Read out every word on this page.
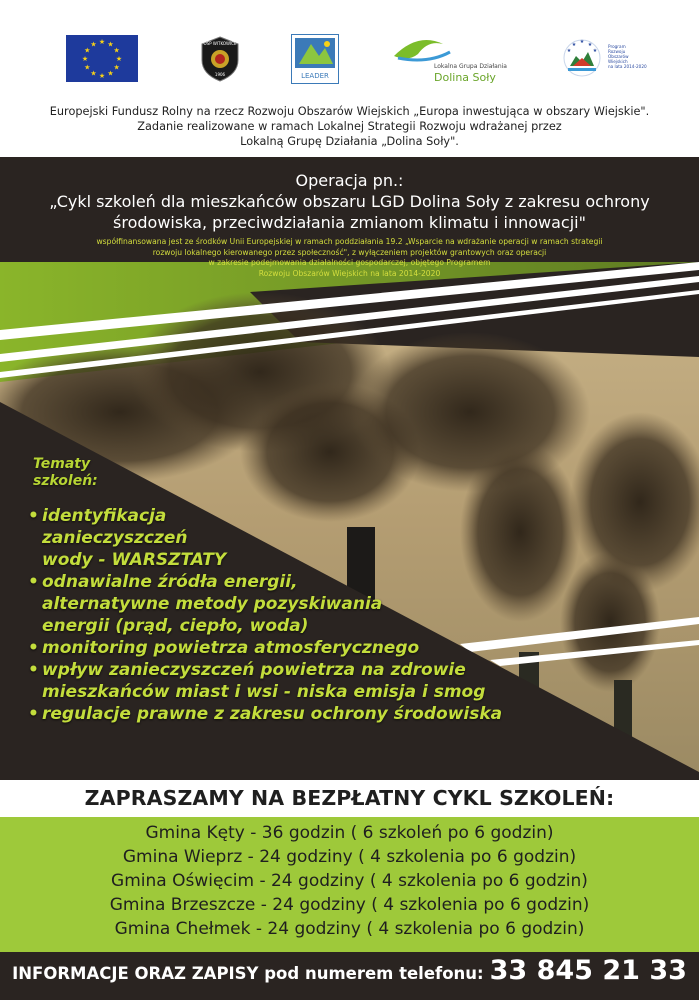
★ ★
★
★
★
★
★
★
★
★
★
★	OSP WITKOWICE
1906	LEADER
Lokalna Grupa Działania
Dolina Soły
★ ★
★
★
★
Program
Rozwoju
Obszarów
Wiejskich
na lata 2014-2020
Europejski Fundusz Rolny na rzecz Rozwoju Obszarów Wiejskich „Europa inwestująca w obszary Wiejskie".
Zadanie realizowane w ramach Lokalnej Strategii Rozwoju wdrażanej przez
Lokalną Grupę Działania „Dolina Soły".
Operacja pn.:
„Cykl szkoleń dla mieszkańców obszaru LGD Dolina Soły z zakresu ochrony
środowiska, przeciwdziałania zmianom klimatu i innowacji"
współfinansowana jest ze środków Unii Europejskiej w ramach poddziałania 19.2 „Wsparcie na wdrażanie operacji w ramach strategii
rozwoju lokalnego kierowanego przez społeczność", z wyłączeniem projektów grantowych oraz operacji
w zakresie podejmowania działalności gospodarczej, objętego Programem
Rozwoju Obszarów Wiejskich na lata 2014-2020
Tematy
szkoleń:
• identyfikacja
zanieczyszczeń
wody - WARSZTATY
• odnawialne źródła energii,
alternatywne metody pozyskiwania
energii (prąd, ciepło, woda)
• monitoring powietrza atmosferycznego
• wpływ zanieczyszczeń powietrza na zdrowie
mieszkańców miast i wsi - niska emisja i smog
• regulacje prawne z zakresu ochrony środowiska
ZAPRASZAMY NA BEZPŁATNY CYKL SZKOLEŃ:
Gmina Kęty - 36 godzin ( 6 szkoleń po 6 godzin)
Gmina Wieprz - 24 godziny ( 4 szkolenia po 6 godzin)
Gmina Oświęcim - 24 godziny ( 4 szkolenia po 6 godzin)
Gmina Brzeszcze - 24 godziny ( 4 szkolenia po 6 godzin)
Gmina Chełmek - 24 godziny ( 4 szkolenia po 6 godzin)
INFORMACJE ORAZ ZAPISY pod numerem telefonu: 33 845 21 33
